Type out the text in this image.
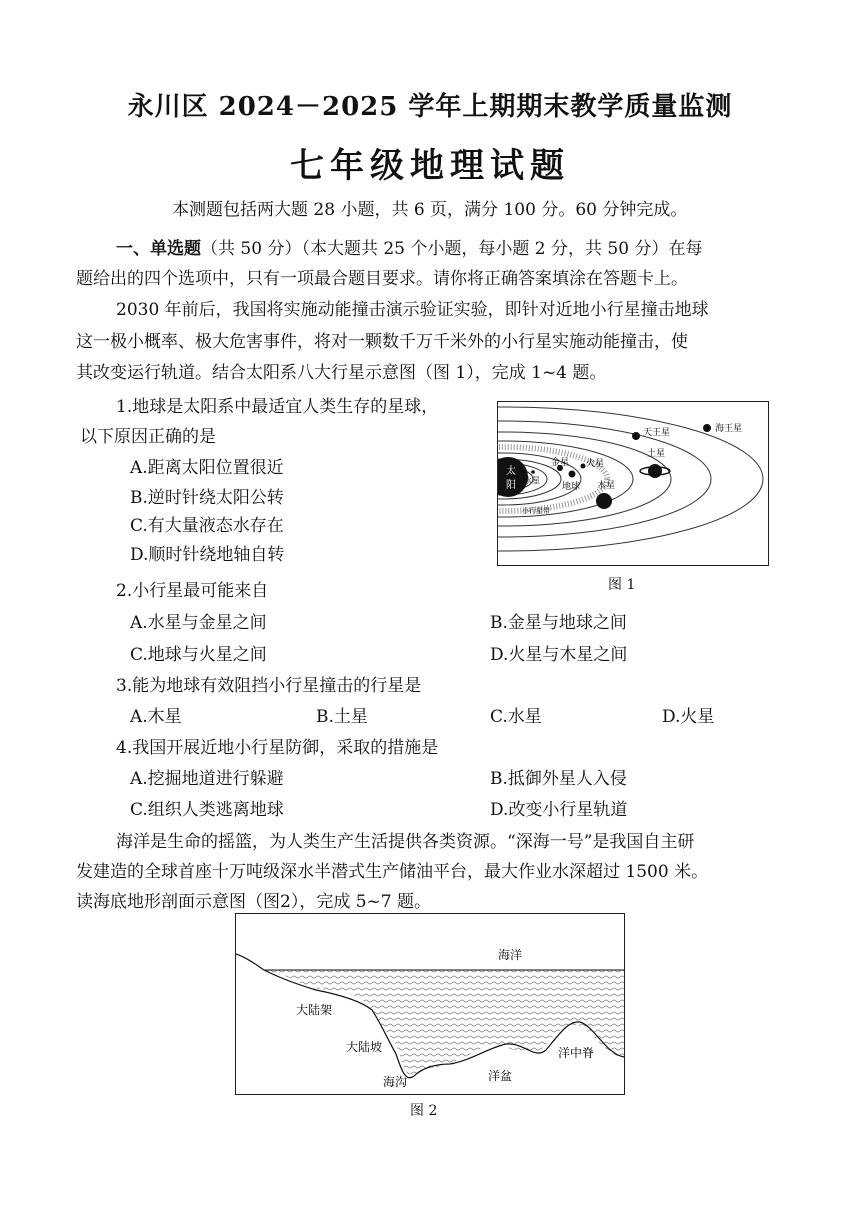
永川区 2024－2025 学年上期期末教学质量监测
七年级地理试题
本测题包括两大题 28 小题，共 6 页，满分 100 分。60 分钟完成。
一、单选题（共 50 分）（本大题共 25 个小题，每小题 2 分，共 50 分）在每
题给出的四个选项中，只有一项最合题目要求。请你将正确答案填涂在答题卡上。
2030 年前后，我国将实施动能撞击演示验证实验，即针对近地小行星撞击地球
这一极小概率、极大危害事件，将对一颗数千万千米外的小行星实施动能撞击，使
其改变运行轨道。结合太阳系八大行星示意图（图 1），完成 1~4 题。
1.地球是太阳系中最适宜人类生存的星球，
以下原因正确的是
A.距离太阳位置很近
B.逆时针绕太阳公转
C.有大量液态水存在
D.顺时针绕地轴自转
太
阳 水星
金星
地球
火星
小行星带
木星
土星
天王星	海王星
图 1
2.小行星最可能来自
A.水星与金星之间	B.金星与地球之间
C.地球与火星之间	D.火星与木星之间
3.能为地球有效阻挡小行星撞击的行星是
A.木星	B.土星	C.水星	D.火星
4.我国开展近地小行星防御，采取的措施是
A.挖掘地道进行躲避	B.抵御外星人入侵
C.组织人类逃离地球	D.改变小行星轨道
海洋是生命的摇篮，为人类生产生活提供各类资源。“深海一号”是我国自主研
发建造的全球首座十万吨级深水半潜式生产储油平台，最大作业水深超过 1500 米。
读海底地形剖面示意图（图2），完成 5~7 题。
海洋
大陆架
大陆坡
海沟	洋盆
洋中脊
图 2
